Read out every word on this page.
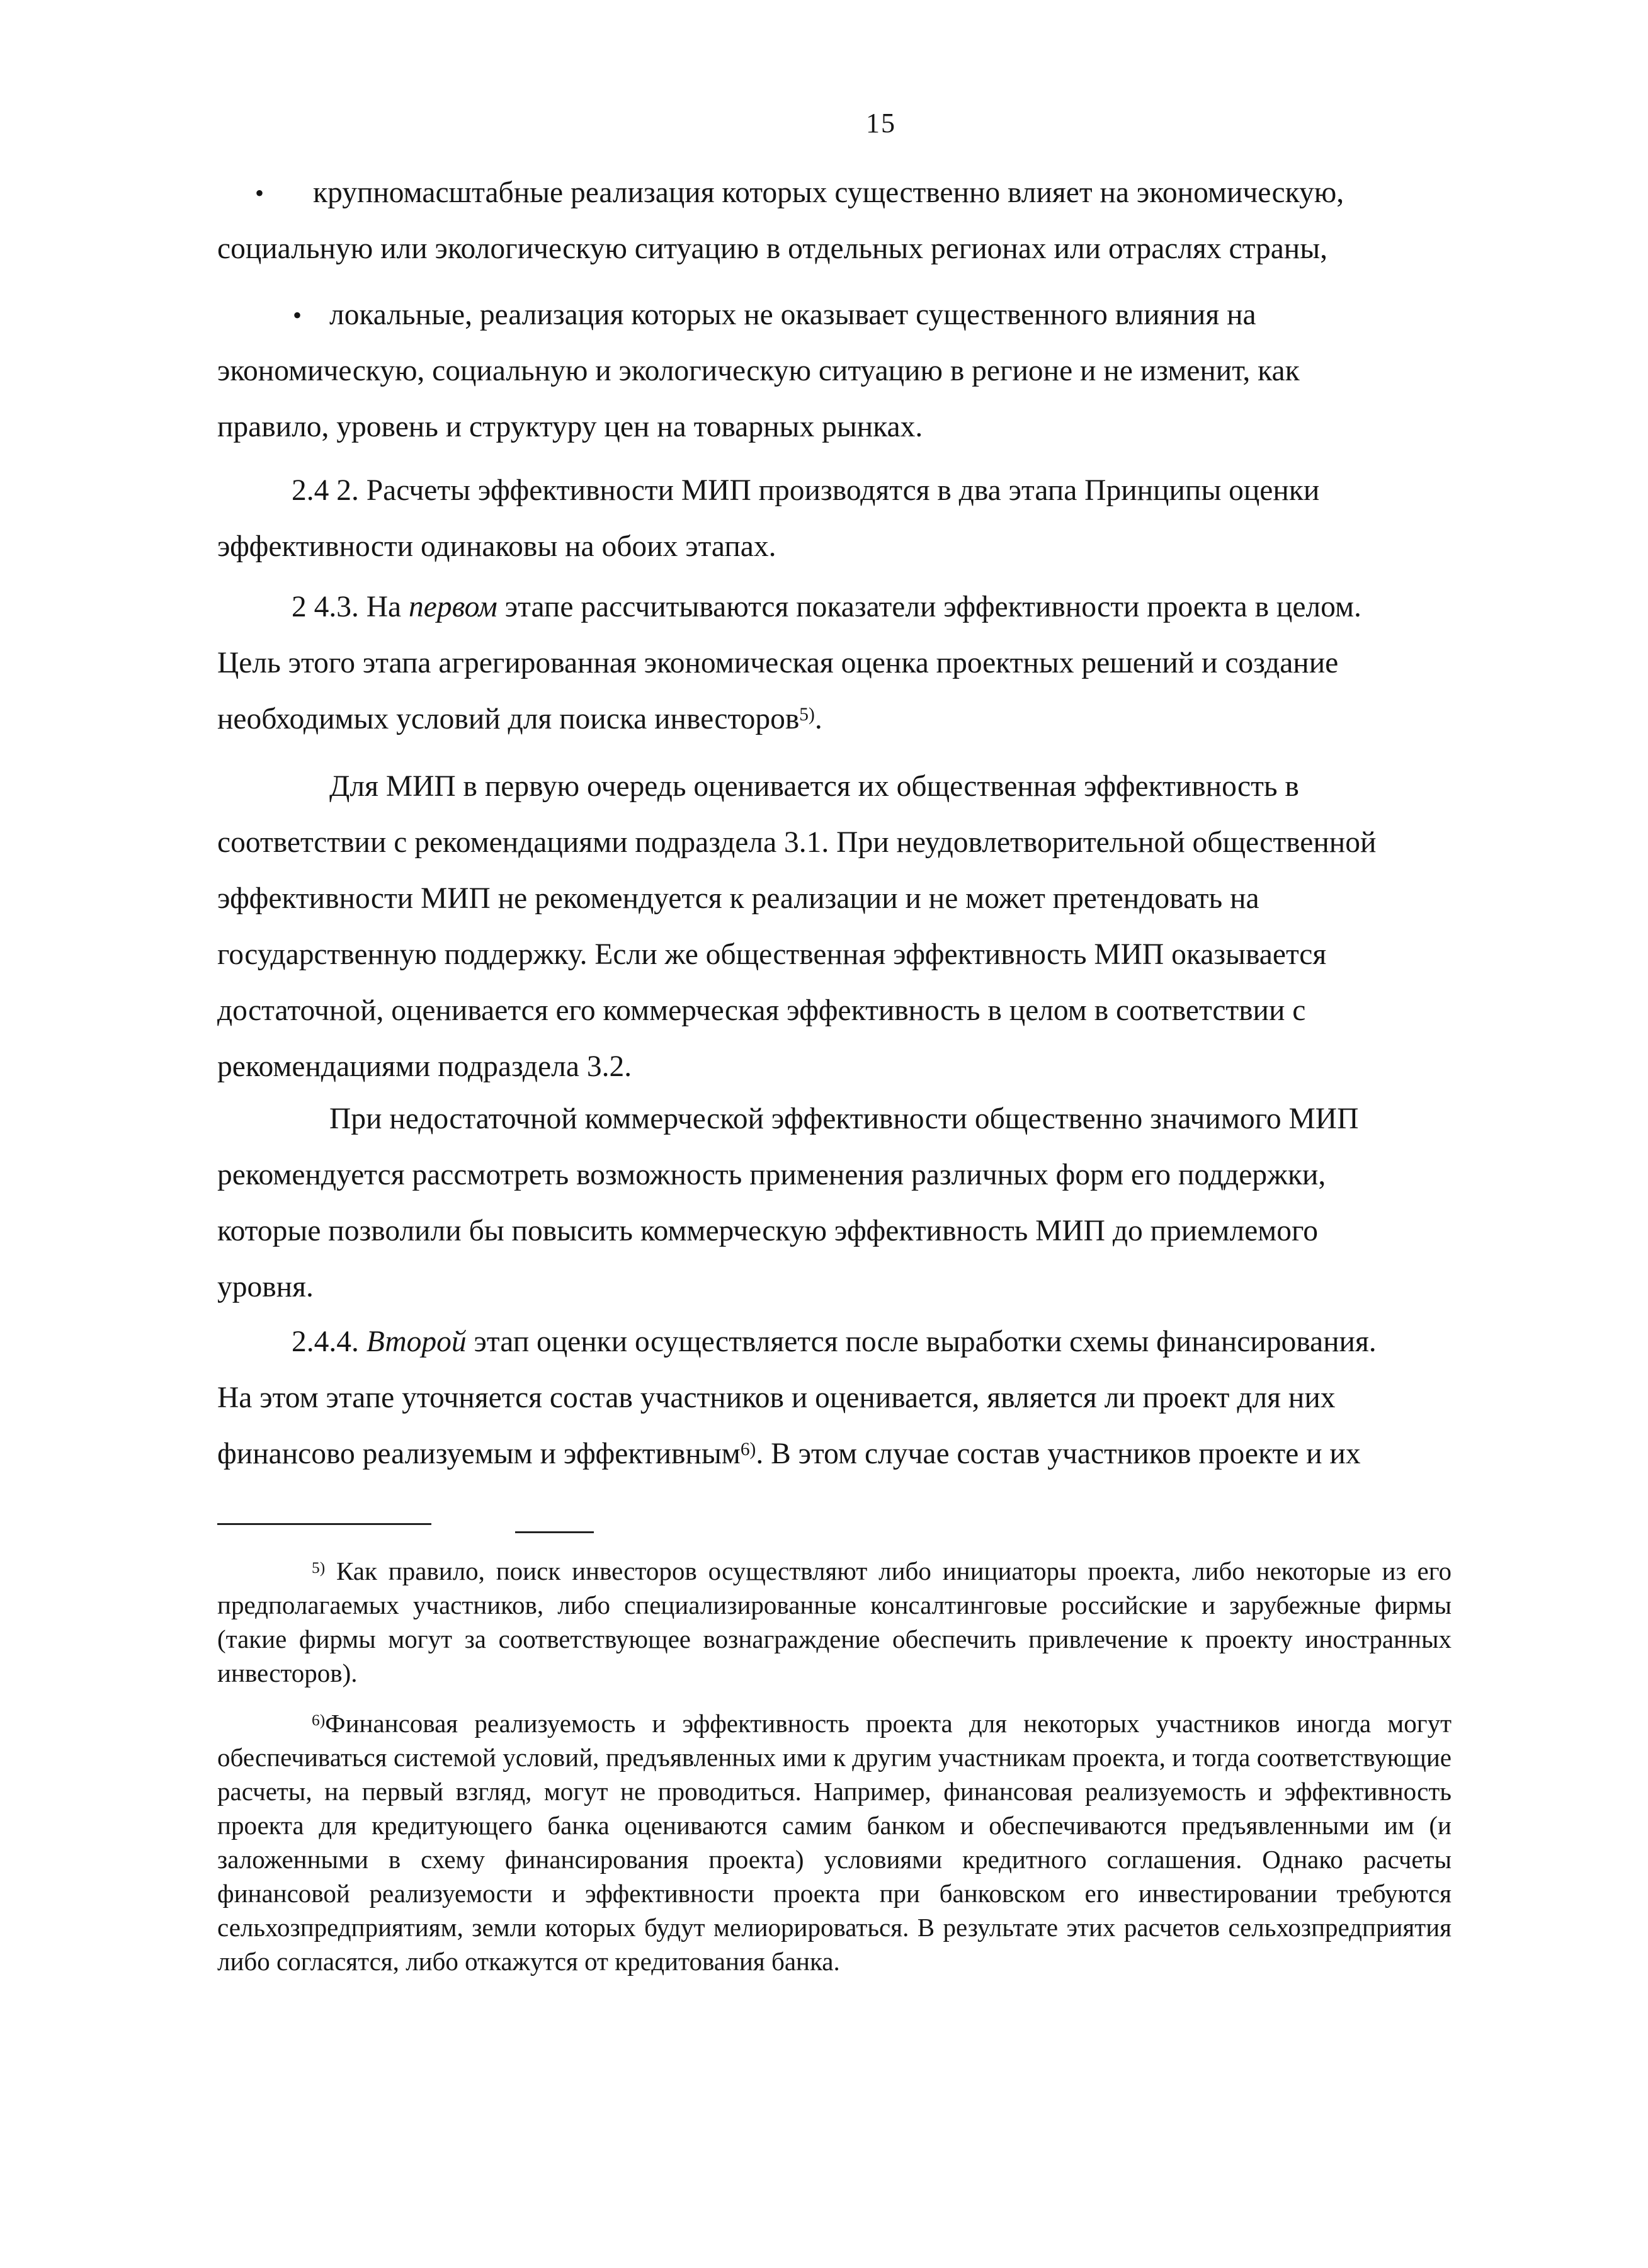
15
•	крупномасштабные реализация которых существенно влияет на экономическую,

социальную или экологическую ситуацию в отдельных регионах или отраслях страны,

• локальные, реализация которых не оказывает существенного влияния на

экономическую, социальную и экологическую ситуацию в регионе и не изменит, как

правило, уровень и структуру цен на товарных рынках.

2.4 2. Расчеты эффективности МИП производятся в два этапа Принципы оценки

эффективности одинаковы на обоих этапах.

2 4.3. На первом этапе рассчитываются показатели эффективности проекта в целом.

Цель этого этапа агрегированная экономическая оценка проектных решений и создание

необходимых условий для поиска инвесторов$^{5)}$.

Для МИП в первую очередь оценивается их общественная эффективность в

соответствии с рекомендациями подраздела 3.1. При неудовлетворительной общественной

эффективности МИП не рекомендуется к реализации и не может претендовать на

государственную поддержку. Если же общественная эффективность МИП оказывается

достаточной, оценивается его коммерческая эффективность в целом в соответствии с

рекомендациями подраздела 3.2.

При недостаточной коммерческой эффективности общественно значимого МИП

рекомендуется рассмотреть возможность применения различных форм его поддержки,

которые позволили бы повысить коммерческую эффективность МИП до приемлемого

уровня.

2.4.4. Второй этап оценки осуществляется после выработки схемы финансирования.

На этом этапе уточняется состав участников и оценивается, является ли проект для них

финансово реализуемым и эффективным$^{6)}$. В этом случае состав участников проекте и их

$^{5)}$ Как правило, поиск инвесторов осуществляют либо инициаторы проекта, либо некоторые из его предполагаемых участников, либо специализированные консалтинговые российские и зарубежные фирмы (такие фирмы могут за соответствующее вознаграждение обеспечить привлечение к проекту иностранных инвесторов).

$^{6)}$Финансовая реализуемость и эффективность проекта для некоторых участников иногда могут обеспечиваться системой условий, предъявленных ими к другим участникам проекта, и тогда соответствующие расчеты, на первый взгляд, могут не проводиться. Например, финансовая реализуемость и эффективность проекта для кредитующего банка оцениваются самим банком и обеспечиваются предъявленными им (и заложенными в схему финансирования проекта) условиями кредитного соглашения. Однако расчеты финансовой реализуемости и эффективности проекта при банковском его инвестировании требуются сельхозпредприятиям, земли которых будут мелиорироваться. В результате этих расчетов сельхозпредприятия либо согласятся, либо откажутся от кредитования банка.
